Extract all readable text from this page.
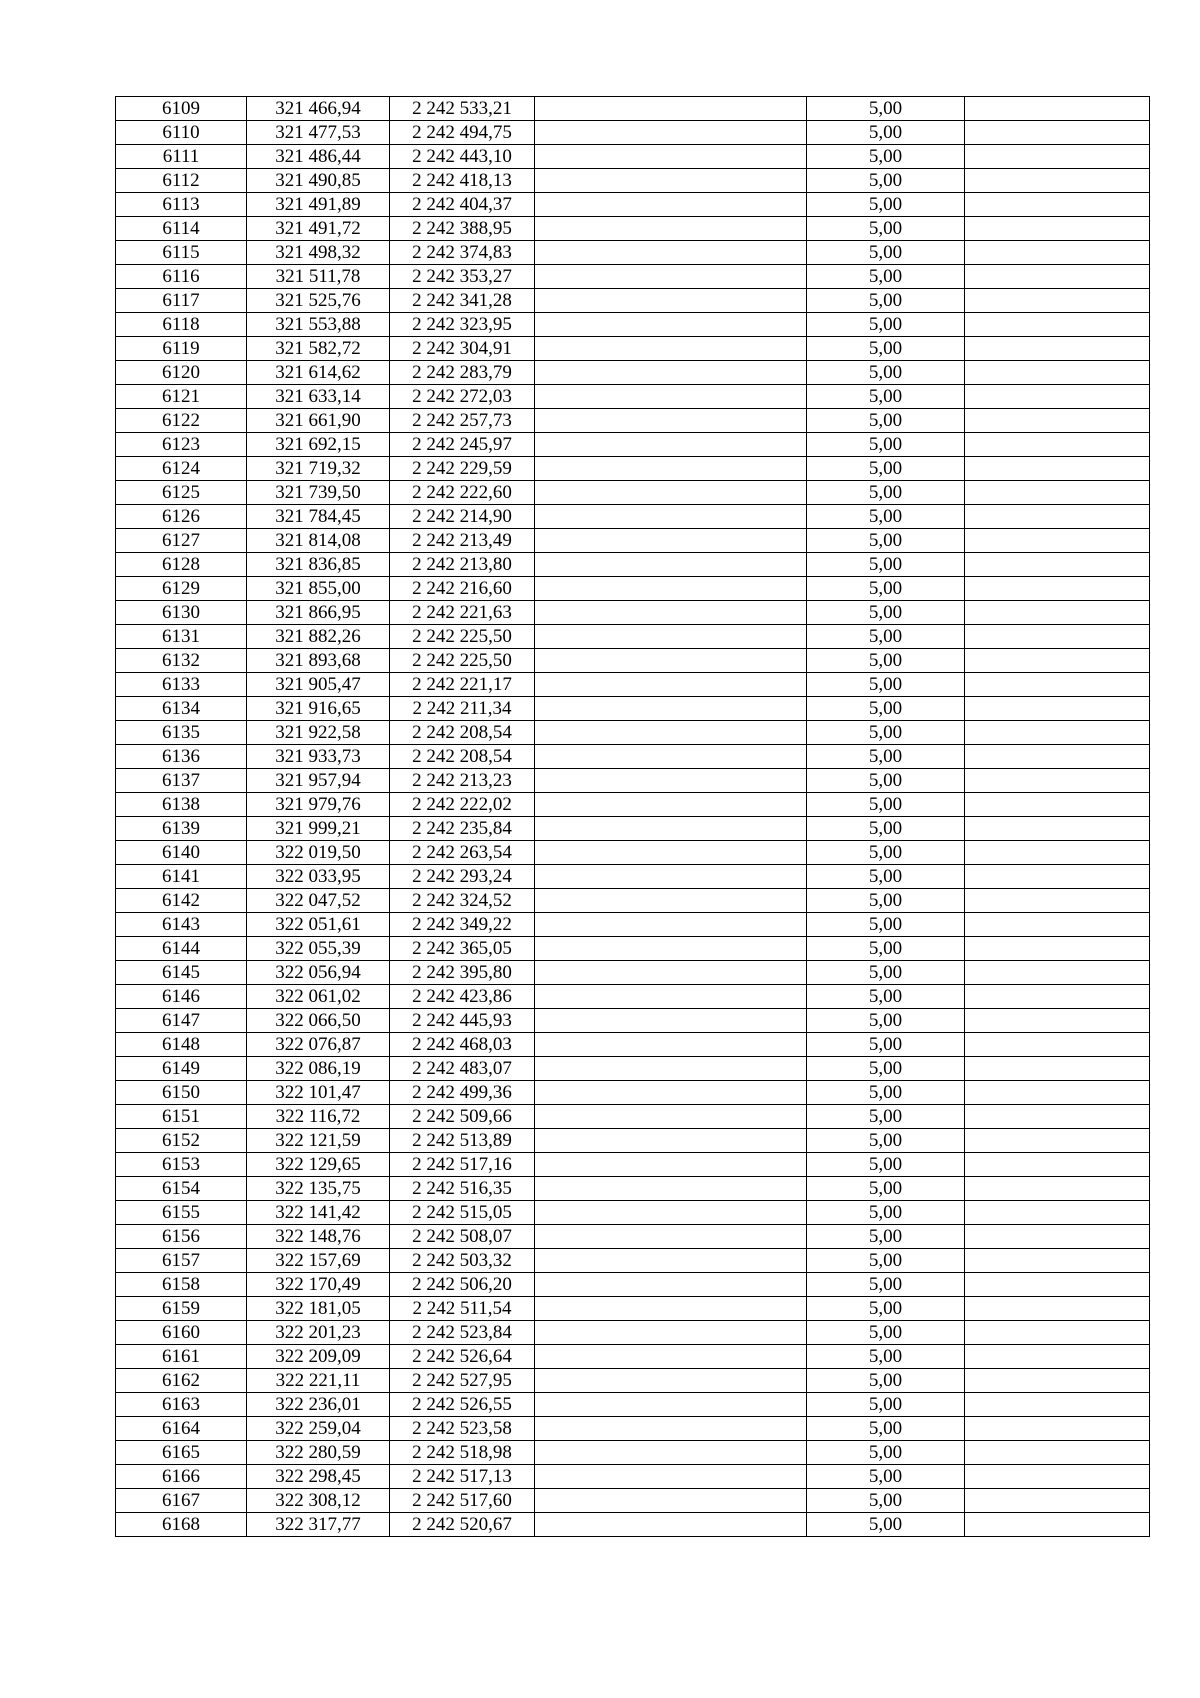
6109	321 466,94	2 242 533,21		5,00	
6110	321 477,53	2 242 494,75		5,00	
6111	321 486,44	2 242 443,10		5,00	
6112	321 490,85	2 242 418,13		5,00	
6113	321 491,89	2 242 404,37		5,00	
6114	321 491,72	2 242 388,95		5,00	
6115	321 498,32	2 242 374,83		5,00	
6116	321 511,78	2 242 353,27		5,00	
6117	321 525,76	2 242 341,28		5,00	
6118	321 553,88	2 242 323,95		5,00	
6119	321 582,72	2 242 304,91		5,00	
6120	321 614,62	2 242 283,79		5,00	
6121	321 633,14	2 242 272,03		5,00	
6122	321 661,90	2 242 257,73		5,00	
6123	321 692,15	2 242 245,97		5,00	
6124	321 719,32	2 242 229,59		5,00	
6125	321 739,50	2 242 222,60		5,00	
6126	321 784,45	2 242 214,90		5,00	
6127	321 814,08	2 242 213,49		5,00	
6128	321 836,85	2 242 213,80		5,00	
6129	321 855,00	2 242 216,60		5,00	
6130	321 866,95	2 242 221,63		5,00	
6131	321 882,26	2 242 225,50		5,00	
6132	321 893,68	2 242 225,50		5,00	
6133	321 905,47	2 242 221,17		5,00	
6134	321 916,65	2 242 211,34		5,00	
6135	321 922,58	2 242 208,54		5,00	
6136	321 933,73	2 242 208,54		5,00	
6137	321 957,94	2 242 213,23		5,00	
6138	321 979,76	2 242 222,02		5,00	
6139	321 999,21	2 242 235,84		5,00	
6140	322 019,50	2 242 263,54		5,00	
6141	322 033,95	2 242 293,24		5,00	
6142	322 047,52	2 242 324,52		5,00	
6143	322 051,61	2 242 349,22		5,00	
6144	322 055,39	2 242 365,05		5,00	
6145	322 056,94	2 242 395,80		5,00	
6146	322 061,02	2 242 423,86		5,00	
6147	322 066,50	2 242 445,93		5,00	
6148	322 076,87	2 242 468,03		5,00	
6149	322 086,19	2 242 483,07		5,00	
6150	322 101,47	2 242 499,36		5,00	
6151	322 116,72	2 242 509,66		5,00	
6152	322 121,59	2 242 513,89		5,00	
6153	322 129,65	2 242 517,16		5,00	
6154	322 135,75	2 242 516,35		5,00	
6155	322 141,42	2 242 515,05		5,00	
6156	322 148,76	2 242 508,07		5,00	
6157	322 157,69	2 242 503,32		5,00	
6158	322 170,49	2 242 506,20		5,00	
6159	322 181,05	2 242 511,54		5,00	
6160	322 201,23	2 242 523,84		5,00	
6161	322 209,09	2 242 526,64		5,00	
6162	322 221,11	2 242 527,95		5,00	
6163	322 236,01	2 242 526,55		5,00	
6164	322 259,04	2 242 523,58		5,00	
6165	322 280,59	2 242 518,98		5,00	
6166	322 298,45	2 242 517,13		5,00	
6167	322 308,12	2 242 517,60		5,00	
6168	322 317,77	2 242 520,67		5,00	
